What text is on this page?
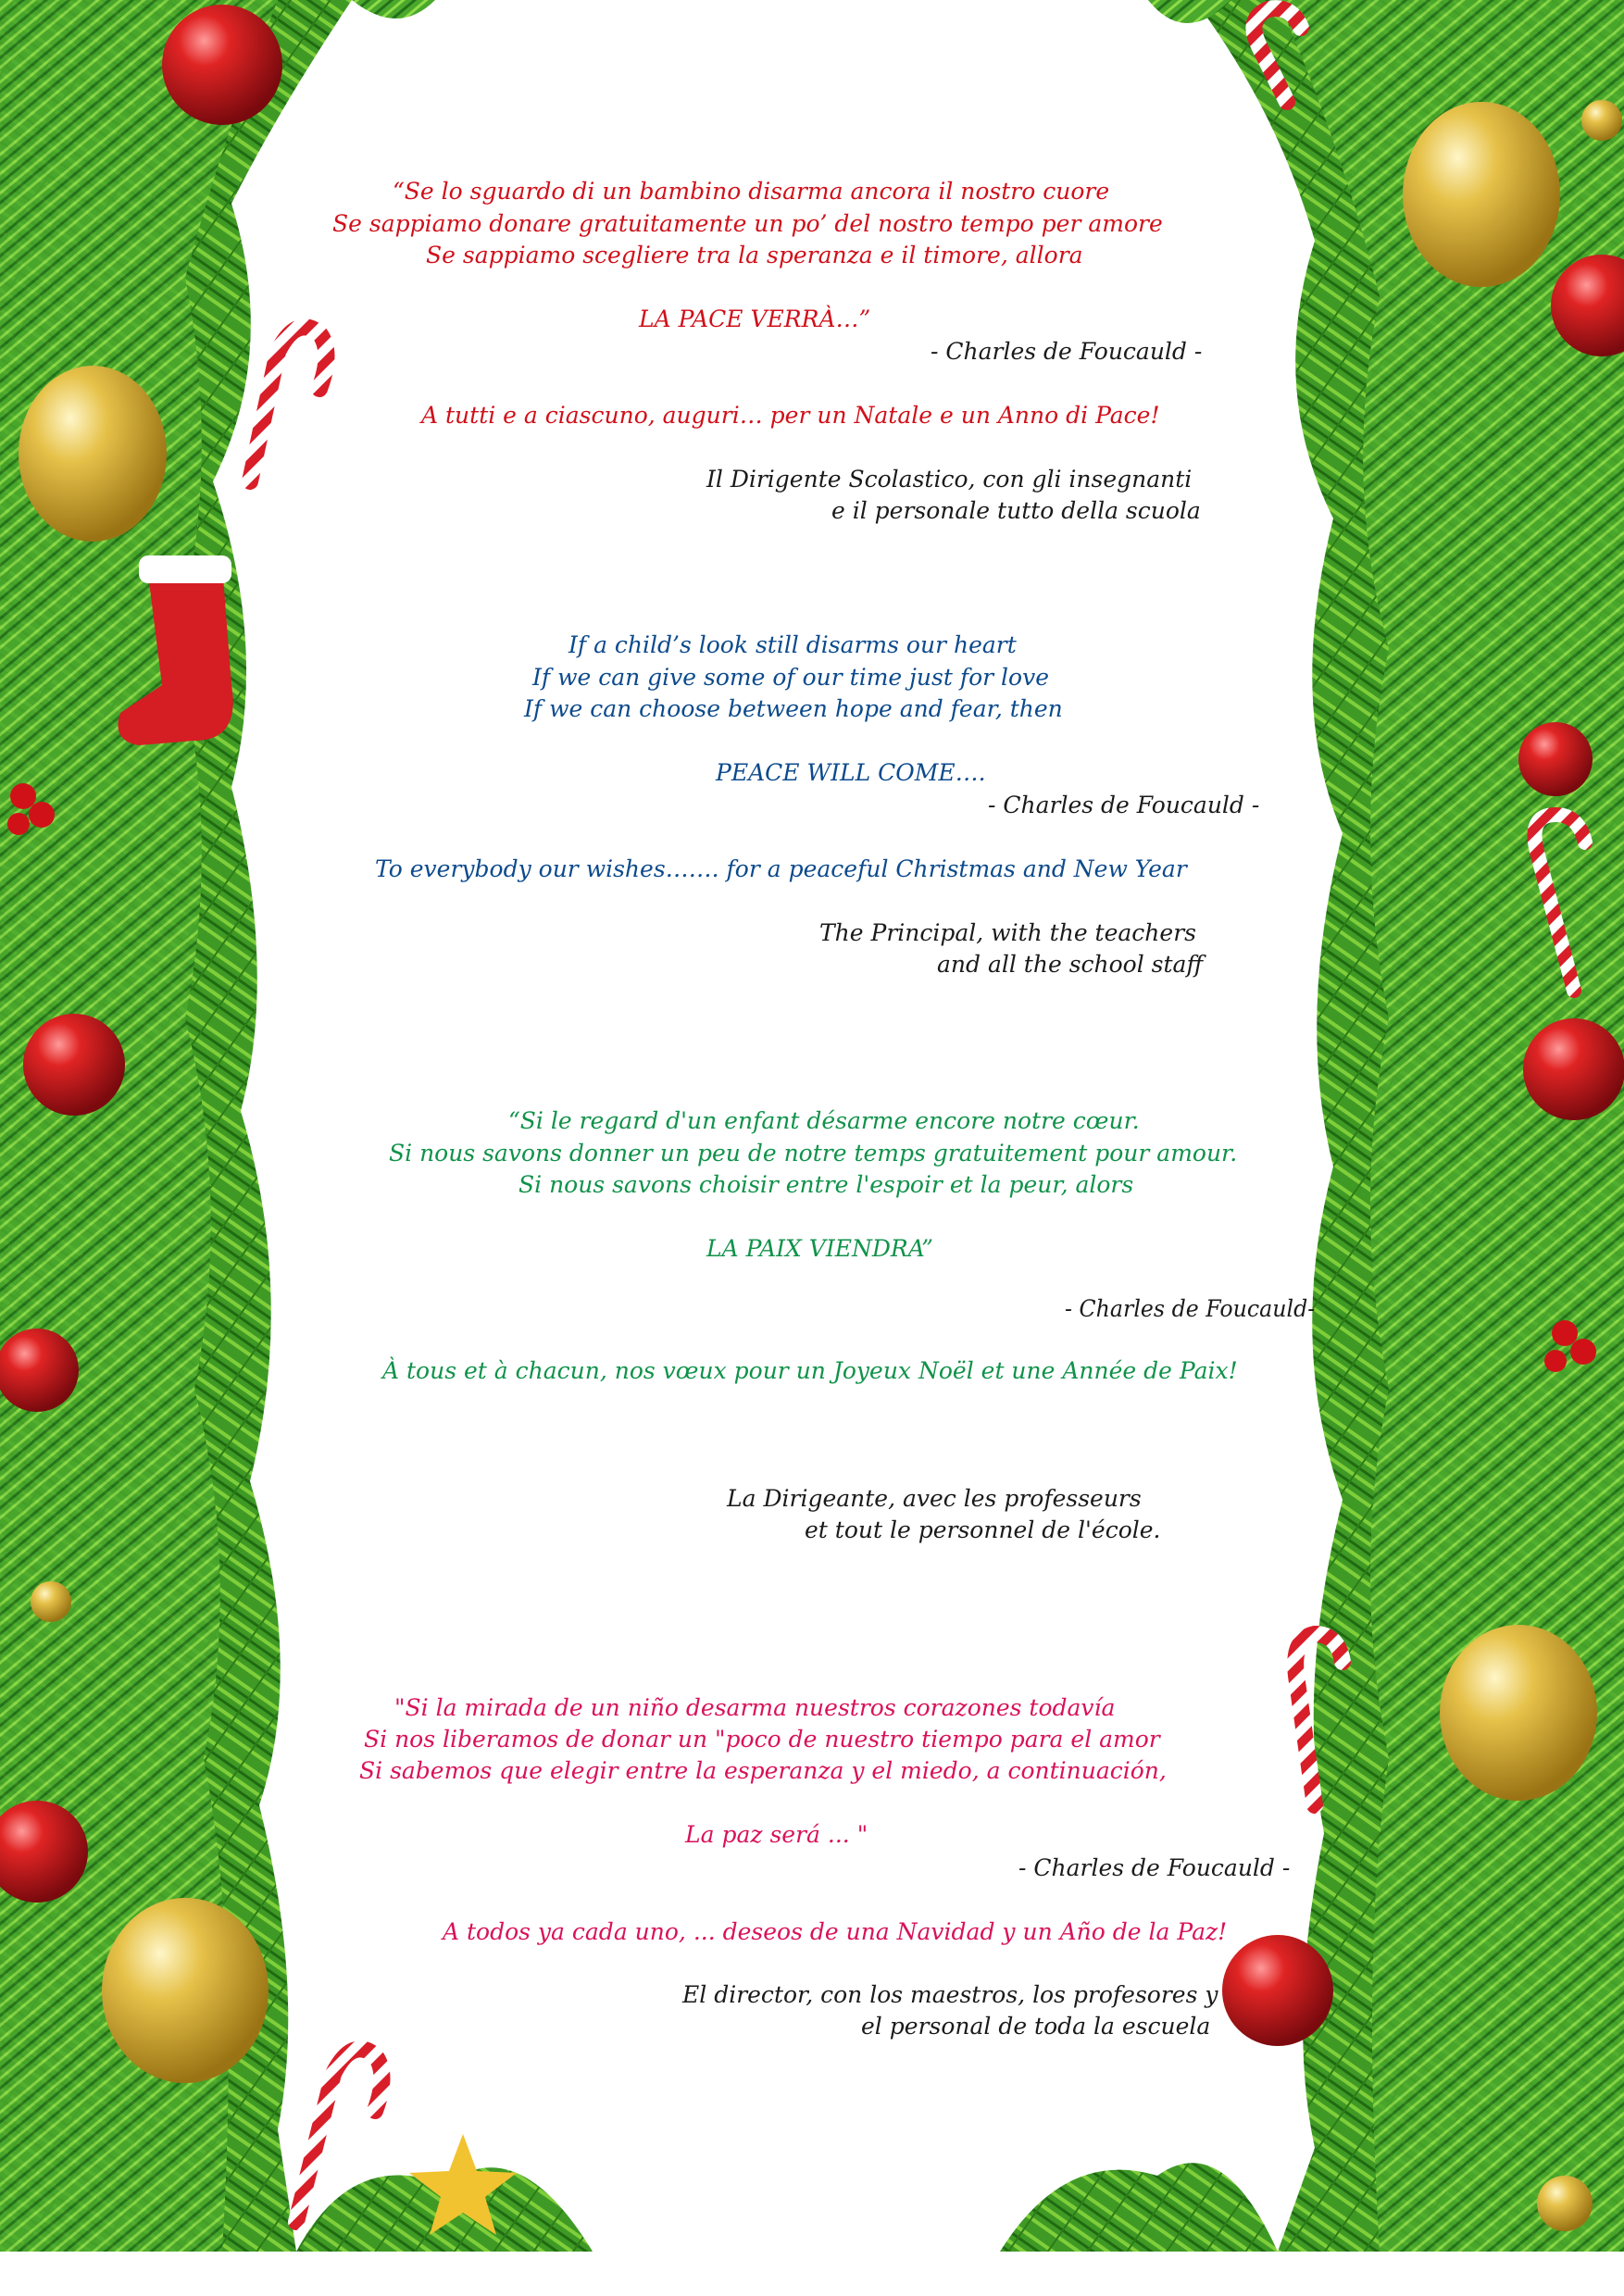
“Se lo sguardo di un bambino disarma ancora il nostro cuore
Se sappiamo donare gratuitamente un po’ del nostro tempo per amore
Se sappiamo scegliere tra la speranza e il timore, allora
LA PACE VERRÀ…”
- Charles de Foucauld -
A tutti e a ciascuno, auguri… per un Natale e un Anno di Pace!
Il Dirigente Scolastico, con gli insegnanti
e il personale tutto della scuola
If a child’s look still disarms our heart
If we can give some of our time just for love
If we can choose between hope and fear, then
PEACE WILL COME….
- Charles de Foucauld -
To everybody our wishes……. for a peaceful Christmas and New Year
The Principal, with the teachers
and all the school staff
“Si le regard d'un enfant désarme encore notre cœur.
Si nous savons donner un peu de notre temps gratuitement pour amour.
Si nous savons choisir entre l'espoir et la peur, alors
LA PAIX VIENDRA”
- Charles de Foucauld-
À tous et à chacun, nos vœux pour un Joyeux Noël et une Année de Paix!
La Dirigeante, avec les professeurs
et tout le personnel de l'école.
"Si la mirada de un niño desarma nuestros corazones todavía
Si nos liberamos de donar un "poco de nuestro tiempo para el amor
Si sabemos que elegir entre la esperanza y el miedo, a continuación,
La paz será ... "
- Charles de Foucauld -
A todos ya cada uno, ... deseos de una Navidad y un Año de la Paz!
El director, con los maestros, los profesores y
el personal de toda la escuela
